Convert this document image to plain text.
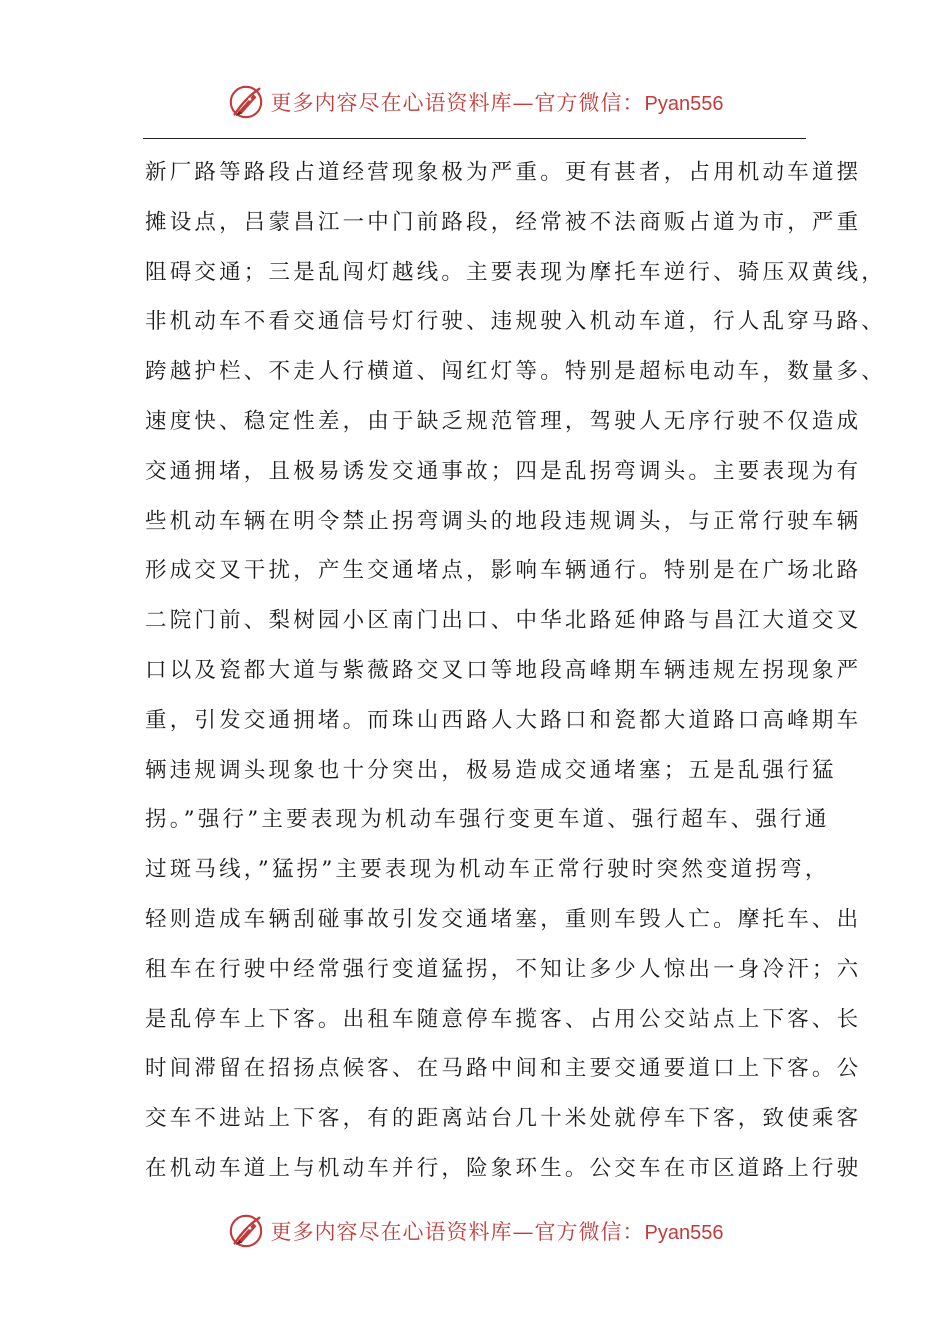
更多内容尽在心语资料库—官方微信：Pyan556
新厂路等路段占道经营现象极为严重。更有甚者，占用机动车道摆
摊设点，吕蒙昌江一中门前路段，经常被不法商贩占道为市，严重
阻碍交通；三是乱闯灯越线。主要表现为摩托车逆行、骑压双黄线，
非机动车不看交通信号灯行驶、违规驶入机动车道，行人乱穿马路、
跨越护栏、不走人行横道、闯红灯等。特别是超标电动车，数量多、
速度快、稳定性差，由于缺乏规范管理，驾驶人无序行驶不仅造成
交通拥堵，且极易诱发交通事故；四是乱拐弯调头。主要表现为有
些机动车辆在明令禁止拐弯调头的地段违规调头，与正常行驶车辆
形成交叉干扰，产生交通堵点，影响车辆通行。特别是在广场北路
二院门前、梨树园小区南门出口、中华北路延伸路与昌江大道交叉
口以及瓷都大道与紫薇路交叉口等地段高峰期车辆违规左拐现象严
重，引发交通拥堵。而珠山西路人大路口和瓷都大道路口高峰期车
辆违规调头现象也十分突出，极易造成交通堵塞；五是乱强行猛
拐。”强行”主要表现为机动车强行变更车道、强行超车、强行通
过斑马线，”猛拐”主要表现为机动车正常行驶时突然变道拐弯，
轻则造成车辆刮碰事故引发交通堵塞，重则车毁人亡。摩托车、出
租车在行驶中经常强行变道猛拐，不知让多少人惊出一身冷汗；六
是乱停车上下客。出租车随意停车揽客、占用公交站点上下客、长
时间滞留在招扬点候客、在马路中间和主要交通要道口上下客。公
交车不进站上下客，有的距离站台几十米处就停车下客，致使乘客
在机动车道上与机动车并行，险象环生。公交车在市区道路上行驶
更多内容尽在心语资料库—官方微信：Pyan556
